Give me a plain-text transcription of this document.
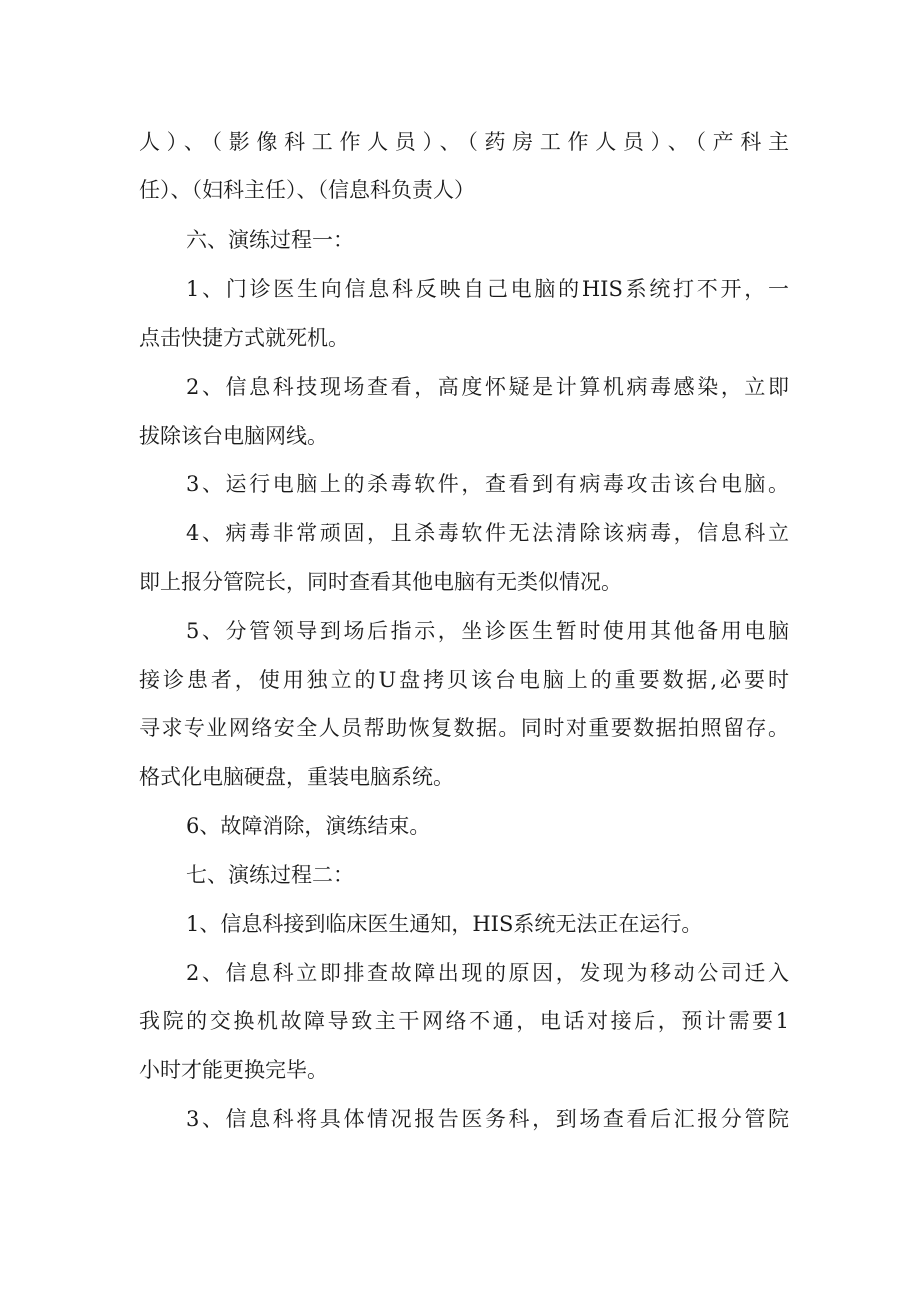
人）、（影像科工作人员）、（药房工作人员）、（产科主
任）、（妇科主任）、（信息科负责人）
六、演练过程一：
1、门诊医生向信息科反映自己电脑的HIS系统打不开，一
点击快捷方式就死机。
2、信息科技现场查看，高度怀疑是计算机病毒感染，立即
拔除该台电脑网线。
3、运行电脑上的杀毒软件，查看到有病毒攻击该台电脑。
4、病毒非常顽固，且杀毒软件无法清除该病毒，信息科立
即上报分管院长，同时查看其他电脑有无类似情况。
5、分管领导到场后指示，坐诊医生暂时使用其他备用电脑
接诊患者，使用独立的U盘拷贝该台电脑上的重要数据,必要时
寻求专业网络安全人员帮助恢复数据。同时对重要数据拍照留存。
格式化电脑硬盘，重装电脑系统。
6、故障消除，演练结束。
七、演练过程二：
1、信息科接到临床医生通知，HIS系统无法正在运行。
2、信息科立即排查故障出现的原因，发现为移动公司迁入
我院的交换机故障导致主干网络不通，电话对接后，预计需要1
小时才能更换完毕。
3、信息科将具体情况报告医务科，到场查看后汇报分管院
